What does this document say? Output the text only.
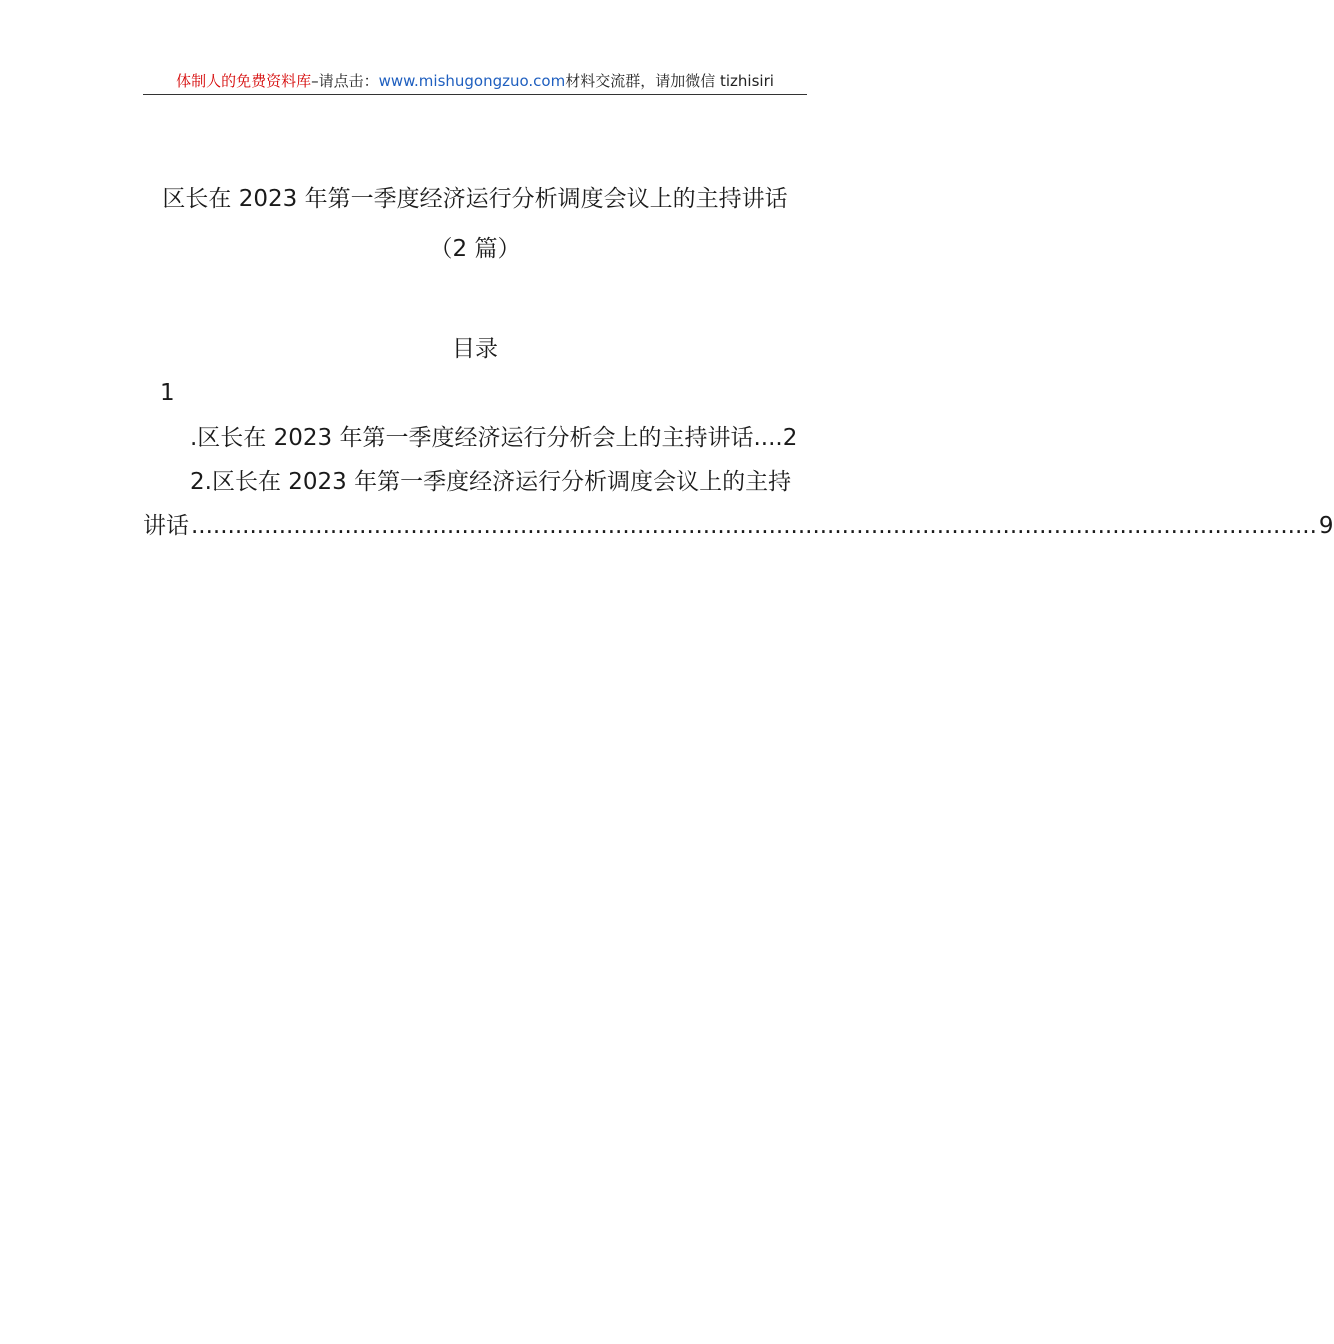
体制人的免费资料库–请点击：www.mishugongzuo.com材料交流群，请加微信 tizhisiri
区长在 2023 年第一季度经济运行分析调度会议上的主持讲话
（2 篇）
目录
1
.区长在 2023 年第一季度经济运行分析会上的主持讲话....2
2.区长在 2023 年第一季度经济运行分析调度会议上的主持
讲话 .......................................................................................................................................................... 9
